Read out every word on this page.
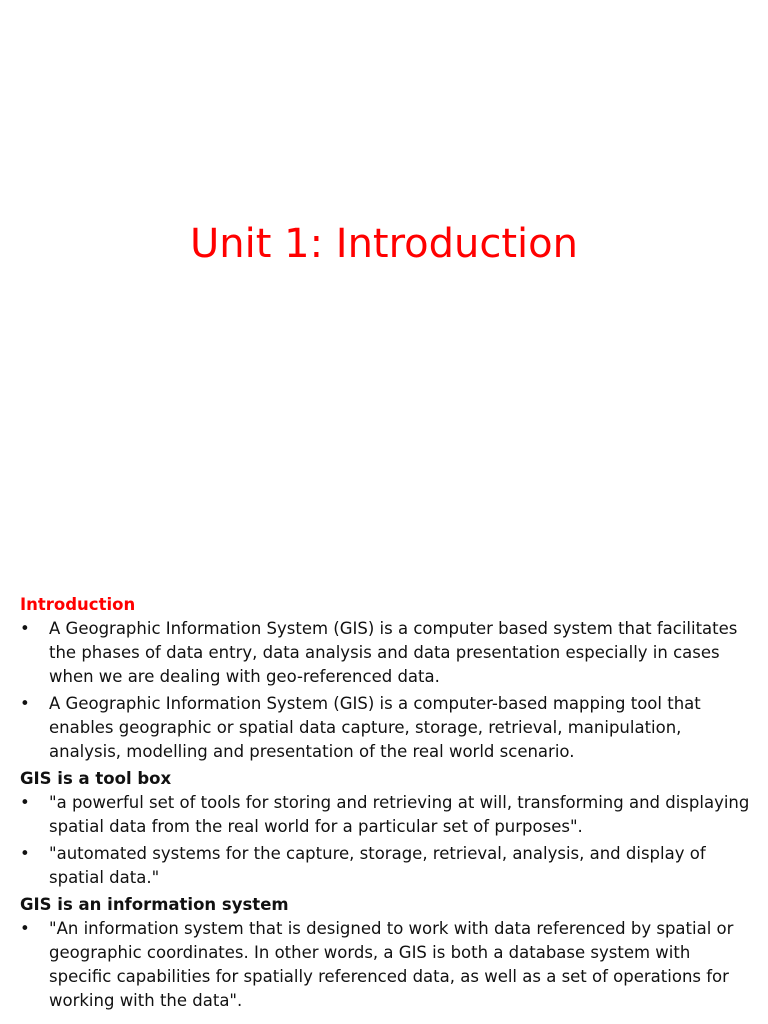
Unit 1: Introduction

Introduction

• A Geographic Information System (GIS) is a computer based system that facilitates the phases of data entry, data analysis and data presentation especially in cases when we are dealing with geo-referenced data.
• A Geographic Information System (GIS) is a computer-based mapping tool that enables geographic or spatial data capture, storage, retrieval, manipulation, analysis, modelling and presentation of the real world scenario.

GIS is a tool box

• "a powerful set of tools for storing and retrieving at will, transforming and displaying spatial data from the real world for a particular set of purposes".
• "automated systems for the capture, storage, retrieval, analysis, and display of spatial data."

GIS is an information system

• "An information system that is designed to work with data referenced by spatial or geographic coordinates. In other words, a GIS is both a database system with specific capabilities for spatially referenced data, as well as a set of operations for working with the data".
